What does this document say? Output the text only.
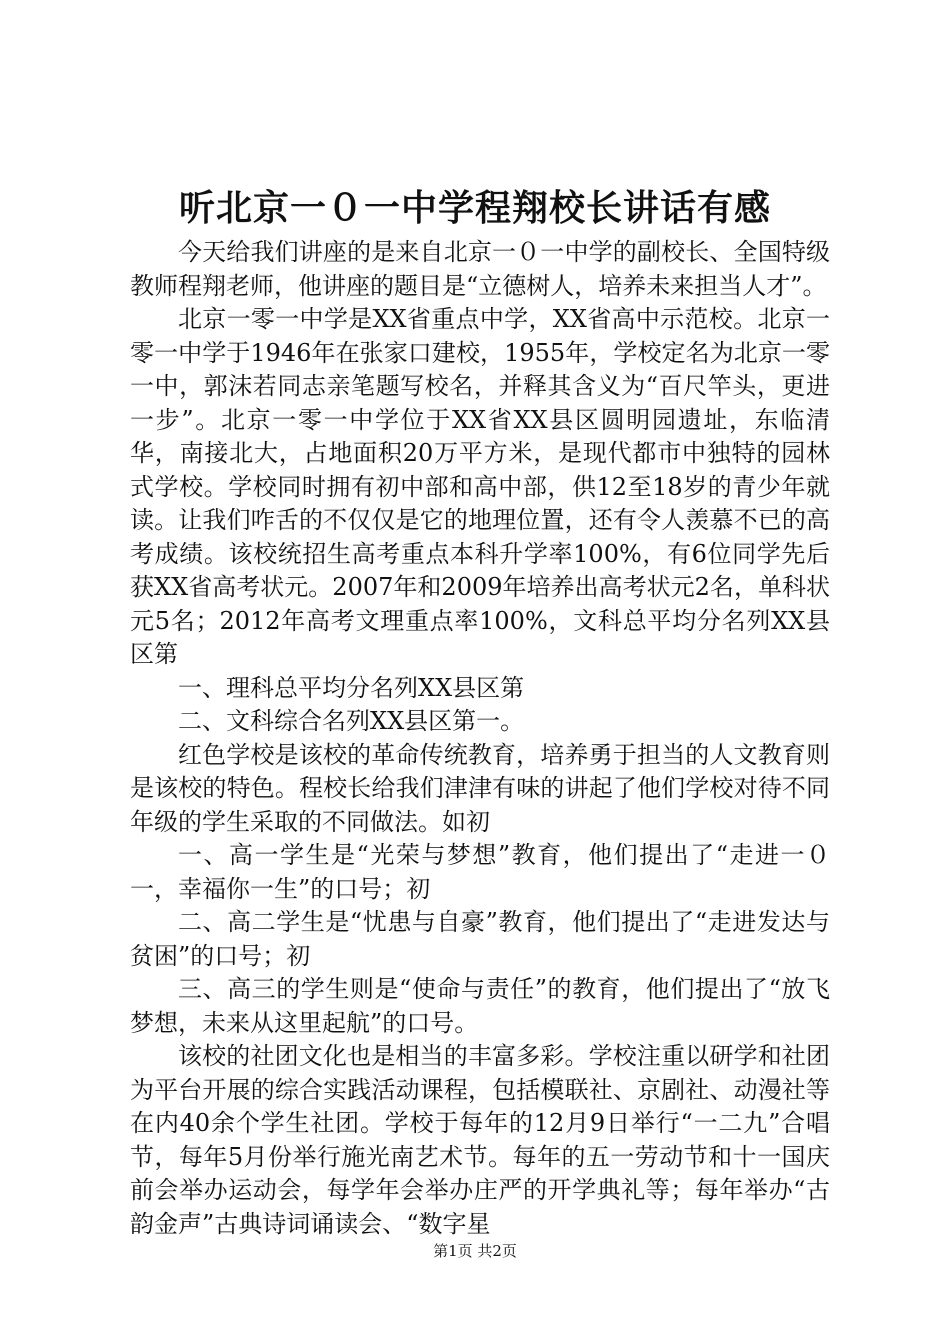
听北京一０一中学程翔校长讲话有感

今天给我们讲座的是来自北京一０一中学的副校长、全国特级教师程翔老师，他讲座的题目是“立德树人，培养未来担当人才”。

北京一零一中学是XX省重点中学，XX省高中示范校。北京一零一中学于1946年在张家口建校，1955年，学校定名为北京一零一中，郭沫若同志亲笔题写校名，并释其含义为“百尺竿头，更进一步”。北京一零一中学位于XX省XX县区圆明园遗址，东临清华，南接北大，占地面积20万平方米，是现代都市中独特的园林式学校。学校同时拥有初中部和高中部，供12至18岁的青少年就读。让我们咋舌的不仅仅是它的地理位置，还有令人羡慕不已的高考成绩。该校统招生高考重点本科升学率100%，有6位同学先后获XX省高考状元。2007年和2009年培养出高考状元2名，单科状元5名；2012年高考文理重点率100%，文科总平均分名列XX县区第

一、理科总平均分名列XX县区第

二、文科综合名列XX县区第一。

红色学校是该校的革命传统教育，培养勇于担当的人文教育则是该校的特色。程校长给我们津津有味的讲起了他们学校对待不同年级的学生采取的不同做法。如初

一、高一学生是“光荣与梦想”教育，他们提出了“走进一０一，幸福你一生”的口号；初

二、高二学生是“忧患与自豪”教育，他们提出了“走进发达与贫困”的口号；初

三、高三的学生则是“使命与责任”的教育，他们提出了“放飞梦想，未来从这里起航”的口号。

该校的社团文化也是相当的丰富多彩。学校注重以研学和社团为平台开展的综合实践活动课程，包括模联社、京剧社、动漫社等在内40余个学生社团。学校于每年的12月9日举行“一二九”合唱节，每年5月份举行施光南艺术节。每年的五一劳动节和十一国庆前会举办运动会，每学年会举办庄严的开学典礼等；每年举办“古韵金声”古典诗词诵读会、“数字星

第1页 共2页
